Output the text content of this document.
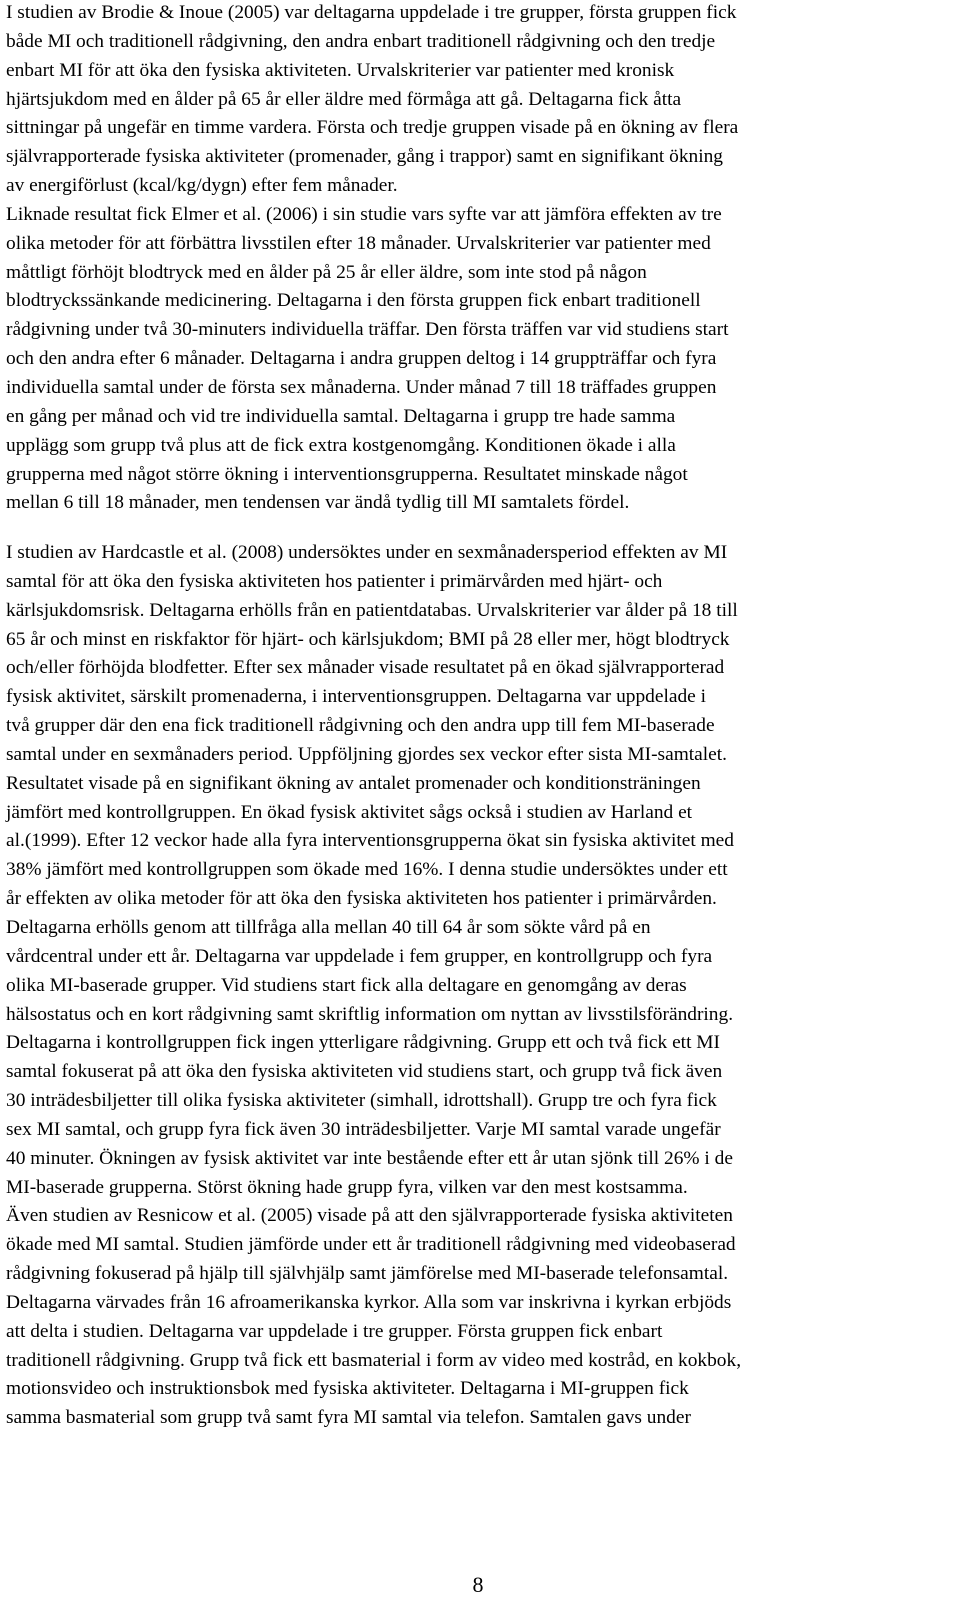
I studien av Brodie & Inoue (2005) var deltagarna uppdelade i tre grupper, första gruppen fick
både MI och traditionell rådgivning, den andra enbart traditionell rådgivning och den tredje
enbart MI för att öka den fysiska aktiviteten. Urvalskriterier var patienter med kronisk
hjärtsjukdom med en ålder på 65 år eller äldre med förmåga att gå. Deltagarna fick åtta
sittningar på ungefär en timme vardera. Första och tredje gruppen visade på en ökning av flera
självrapporterade fysiska aktiviteter (promenader, gång i trappor) samt en signifikant ökning
av energiförlust (kcal/kg/dygn) efter fem månader.
Liknade resultat fick Elmer et al. (2006) i sin studie vars syfte var att jämföra effekten av tre
olika metoder för att förbättra livsstilen efter 18 månader. Urvalskriterier var patienter med
måttligt förhöjt blodtryck med en ålder på 25 år eller äldre, som inte stod på någon
blodtryckssänkande medicinering. Deltagarna i den första gruppen fick enbart traditionell
rådgivning under två 30-minuters individuella träffar. Den första träffen var vid studiens start
och den andra efter 6 månader. Deltagarna i andra gruppen deltog i 14 gruppträffar och fyra
individuella samtal under de första sex månaderna. Under månad 7 till 18 träffades gruppen
en gång per månad och vid tre individuella samtal. Deltagarna i grupp tre hade samma
upplägg som grupp två plus att de fick extra kostgenomgång. Konditionen ökade i alla
grupperna med något större ökning i interventionsgrupperna. Resultatet minskade något
mellan 6 till 18 månader, men tendensen var ändå tydlig till MI samtalets fördel.
I studien av Hardcastle et al. (2008) undersöktes under en sexmånadersperiod effekten av MI
samtal för att öka den fysiska aktiviteten hos patienter i primärvården med hjärt- och
kärlsjukdomsrisk. Deltagarna erhölls från en patientdatabas. Urvalskriterier var ålder på 18 till
65 år och minst en riskfaktor för hjärt- och kärlsjukdom; BMI på 28 eller mer, högt blodtryck
och/eller förhöjda blodfetter. Efter sex månader visade resultatet på en ökad självrapporterad
fysisk aktivitet, särskilt promenaderna, i interventionsgruppen. Deltagarna var uppdelade i
två grupper där den ena fick traditionell rådgivning och den andra upp till fem MI-baserade
samtal under en sexmånaders period. Uppföljning gjordes sex veckor efter sista MI-samtalet.
Resultatet visade på en signifikant ökning av antalet promenader och konditionsträningen
jämfört med kontrollgruppen. En ökad fysisk aktivitet sågs också i studien av Harland et
al.(1999). Efter 12 veckor hade alla fyra interventionsgrupperna ökat sin fysiska aktivitet med
38% jämfört med kontrollgruppen som ökade med 16%. I denna studie undersöktes under ett
år effekten av olika metoder för att öka den fysiska aktiviteten hos patienter i primärvården.
Deltagarna erhölls genom att tillfråga alla mellan 40 till 64 år som sökte vård på en
vårdcentral under ett år. Deltagarna var uppdelade i fem grupper, en kontrollgrupp och fyra
olika MI-baserade grupper. Vid studiens start fick alla deltagare en genomgång av deras
hälsostatus och en kort rådgivning samt skriftlig information om nyttan av livsstilsförändring.
Deltagarna i kontrollgruppen fick ingen ytterligare rådgivning. Grupp ett och två fick ett MI
samtal fokuserat på att öka den fysiska aktiviteten vid studiens start, och grupp två fick även
30 inträdesbiljetter till olika fysiska aktiviteter (simhall, idrottshall). Grupp tre och fyra fick
sex MI samtal, och grupp fyra fick även 30 inträdesbiljetter. Varje MI samtal varade ungefär
40 minuter. Ökningen av fysisk aktivitet var inte bestående efter ett år utan sjönk till 26% i de
MI-baserade grupperna. Störst ökning hade grupp fyra, vilken var den mest kostsamma.
Även studien av Resnicow et al. (2005) visade på att den självrapporterade fysiska aktiviteten
ökade med MI samtal. Studien jämförde under ett år traditionell rådgivning med videobaserad
rådgivning fokuserad på hjälp till självhjälp samt jämförelse med MI-baserade telefonsamtal.
Deltagarna värvades från 16 afroamerikanska kyrkor. Alla som var inskrivna i kyrkan erbjöds
att delta i studien. Deltagarna var uppdelade i tre grupper. Första gruppen fick enbart
traditionell rådgivning. Grupp två fick ett basmaterial i form av video med kostråd, en kokbok,
motionsvideo och instruktionsbok med fysiska aktiviteter. Deltagarna i MI-gruppen fick
samma basmaterial som grupp två samt fyra MI samtal via telefon. Samtalen gavs under
8
